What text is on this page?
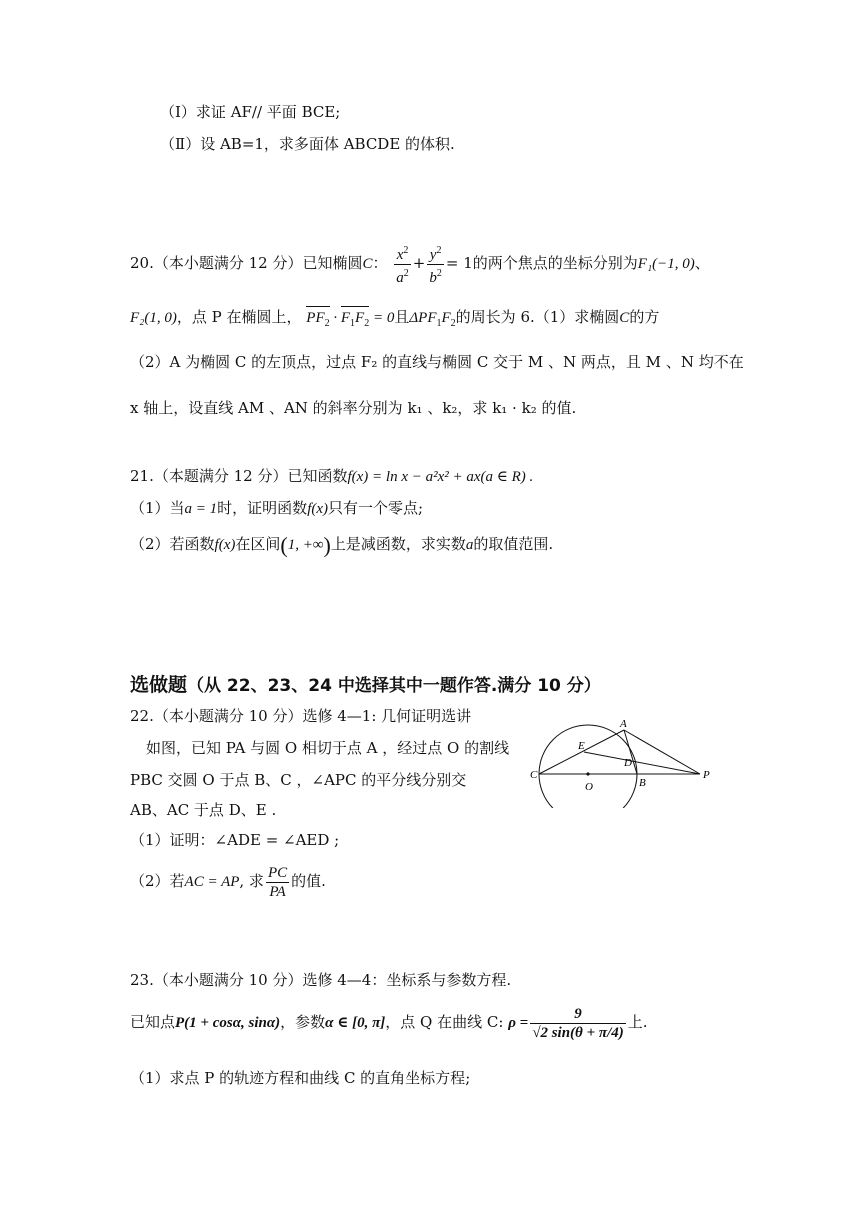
（Ⅰ）求证 AF// 平面 BCE;
（Ⅱ）设 AB=1，求多面体 ABCDE 的体积.
20.（本小题满分 12 分）已知椭圆C： $\frac{x^2}{a^2} + \frac{y^2}{b^2} = 1$的两个焦点的坐标分别为F₁(−1, 0)、
F₂(1, 0)，点 P 在椭圆上， $PF_2 \cdot F_1F_2 = 0$且$\Delta PF_1F_2$的周长为 6.（1）求椭圆C的方
（2）A 为椭圆 C 的左顶点，过点 F₂ 的直线与椭圆 C 交于 M 、N 两点，且 M 、N 均不在
x 轴上，设直线 AM 、AN 的斜率分别为 k₁ 、k₂，求 k₁ · k₂ 的值.
21.（本题满分 12 分）已知函数f(x) = ln x − a²x² + ax(a ∈ R) .
（1）当a = 1时，证明函数f(x)只有一个零点;
（2）若函数f(x)在区间(1, +∞)上是减函数，求实数a的取值范围.
选做题（从 22、23、24 中选择其中一题作答.满分 10 分）
22.（本小题满分 10 分）选修 4—1: 几何证明选讲
如图，已知 PA 与圆 O 相切于点 A ，经过点 O 的割线
PBC 交圆 O 于点 B、C ，∠APC 的平分线分别交
AB、AC 于点 D、E .
（1）证明：∠ADE = ∠AED ;
（2）若AC = AP, 求 $\frac{PC}{PA}$ 的值.
A
E
D
C
O	B
P
23.（本小题满分 10 分）选修 4—4：坐标系与参数方程.
已知点P(1 + cosα, sinα)，参数α ∈ [0, π]，点 Q 在曲线 C: $\rho = \frac{9}{√2 \sin(\theta + \pi/4)}$ 上.
（1）求点 P 的轨迹方程和曲线 C 的直角坐标方程;
